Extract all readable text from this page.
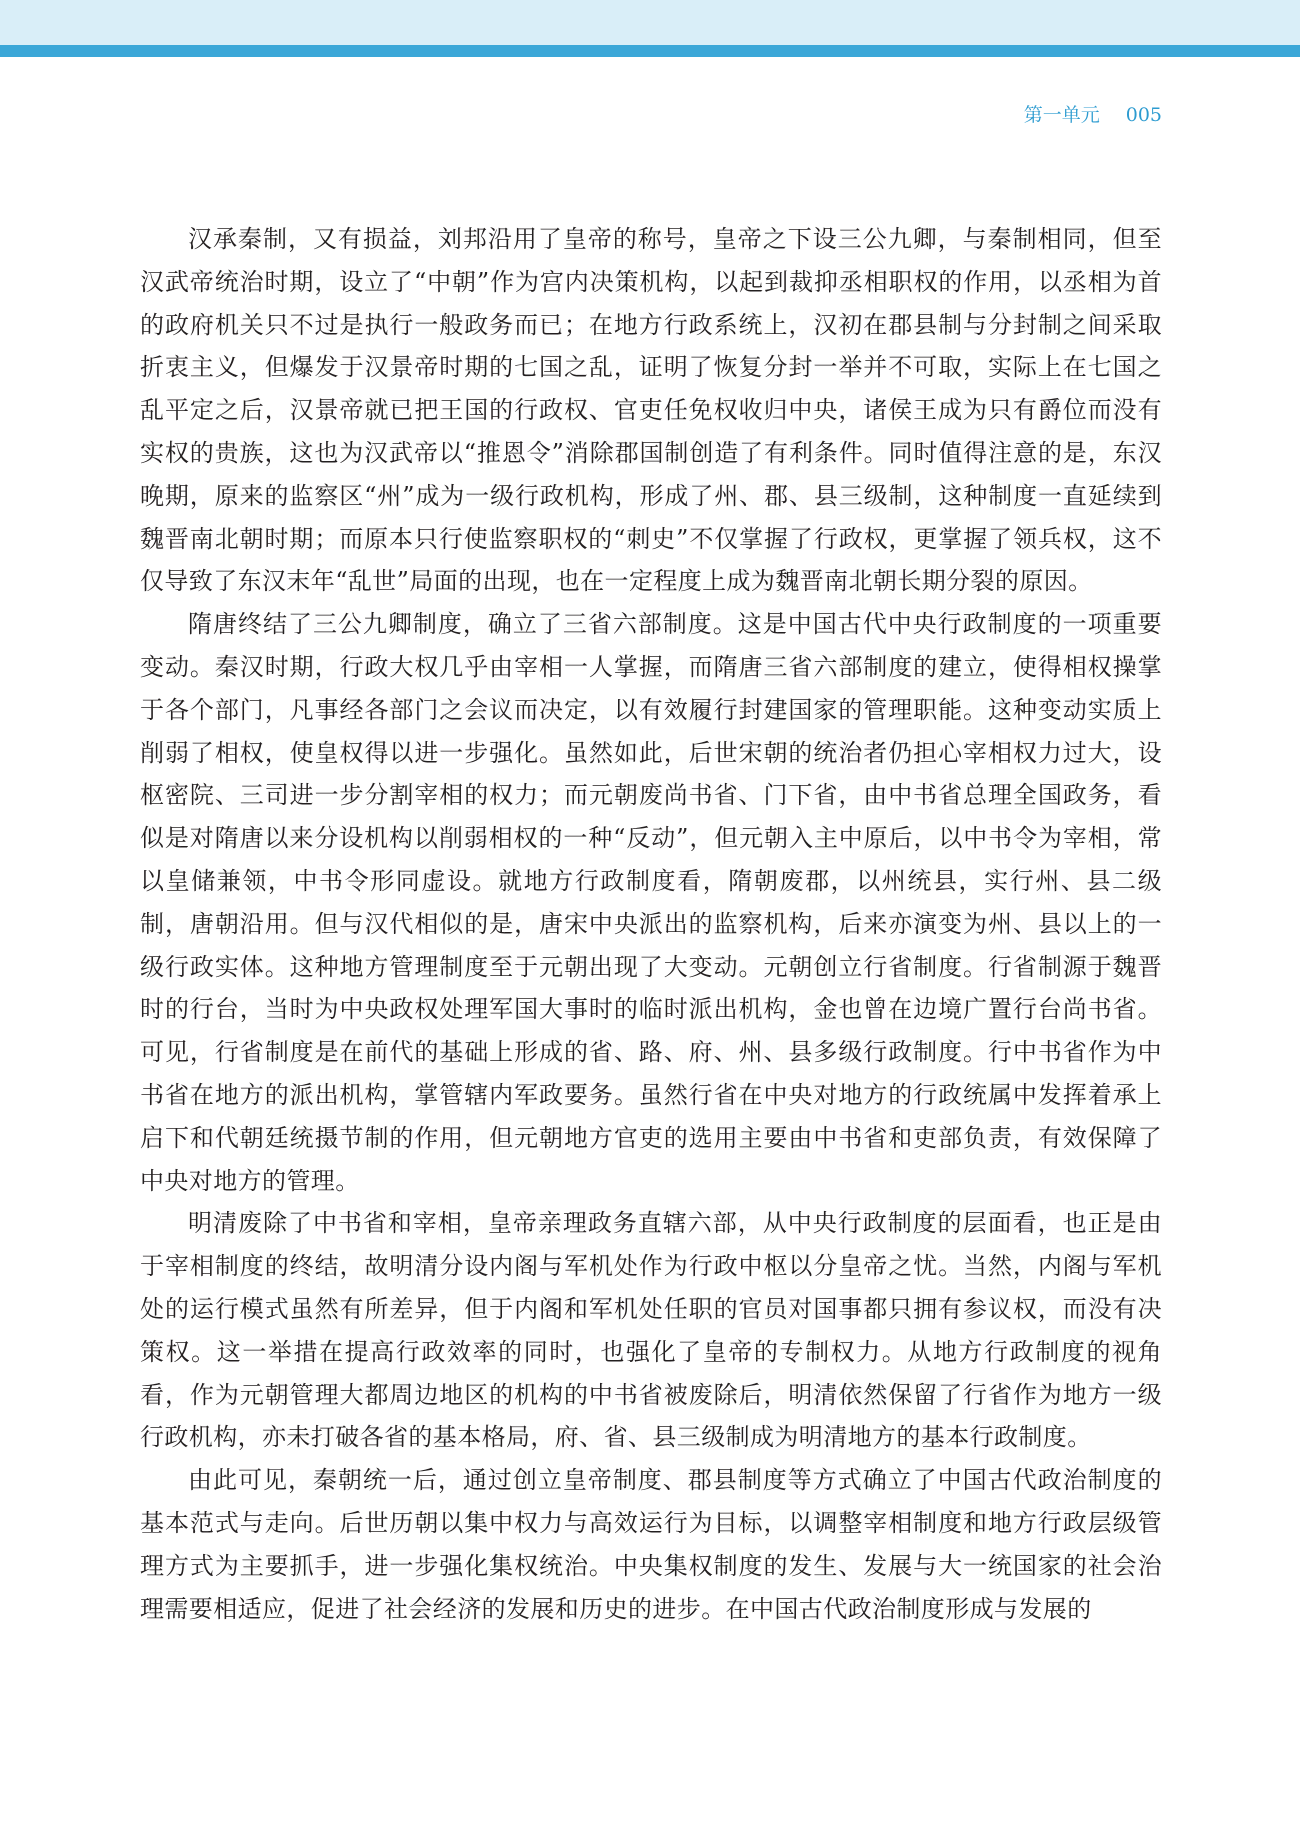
第一单元 005

汉承秦制，又有损益，刘邦沿用了皇帝的称号，皇帝之下设三公九卿，与秦制相同，但至汉武帝统治时期，设立了“中朝”作为宫内决策机构，以起到裁抑丞相职权的作用，以丞相为首的政府机关只不过是执行一般政务而已；在地方行政系统上，汉初在郡县制与分封制之间采取折衷主义，但爆发于汉景帝时期的七国之乱，证明了恢复分封一举并不可取，实际上在七国之乱平定之后，汉景帝就已把王国的行政权、官吏任免权收归中央，诸侯王成为只有爵位而没有实权的贵族，这也为汉武帝以“推恩令”消除郡国制创造了有利条件。同时值得注意的是，东汉晚期，原来的监察区“州”成为一级行政机构，形成了州、郡、县三级制，这种制度一直延续到魏晋南北朝时期；而原本只行使监察职权的“刺史”不仅掌握了行政权，更掌握了领兵权，这不仅导致了东汉末年“乱世”局面的出现，也在一定程度上成为魏晋南北朝长期分裂的原因。

隋唐终结了三公九卿制度，确立了三省六部制度。这是中国古代中央行政制度的一项重要变动。秦汉时期，行政大权几乎由宰相一人掌握，而隋唐三省六部制度的建立，使得相权操掌于各个部门，凡事经各部门之会议而决定，以有效履行封建国家的管理职能。这种变动实质上削弱了相权，使皇权得以进一步强化。虽然如此，后世宋朝的统治者仍担心宰相权力过大，设枢密院、三司进一步分割宰相的权力；而元朝废尚书省、门下省，由中书省总理全国政务，看似是对隋唐以来分设机构以削弱相权的一种“反动”，但元朝入主中原后，以中书令为宰相，常以皇储兼领，中书令形同虚设。就地方行政制度看，隋朝废郡，以州统县，实行州、县二级制，唐朝沿用。但与汉代相似的是，唐宋中央派出的监察机构，后来亦演变为州、县以上的一级行政实体。这种地方管理制度至于元朝出现了大变动。元朝创立行省制度。行省制源于魏晋时的行台，当时为中央政权处理军国大事时的临时派出机构，金也曾在边境广置行台尚书省。可见，行省制度是在前代的基础上形成的省、路、府、州、县多级行政制度。行中书省作为中书省在地方的派出机构，掌管辖内军政要务。虽然行省在中央对地方的行政统属中发挥着承上启下和代朝廷统摄节制的作用，但元朝地方官吏的选用主要由中书省和吏部负责，有效保障了中央对地方的管理。

明清废除了中书省和宰相，皇帝亲理政务直辖六部，从中央行政制度的层面看，也正是由于宰相制度的终结，故明清分设内阁与军机处作为行政中枢以分皇帝之忧。当然，内阁与军机处的运行模式虽然有所差异，但于内阁和军机处任职的官员对国事都只拥有参议权，而没有决策权。这一举措在提高行政效率的同时，也强化了皇帝的专制权力。从地方行政制度的视角看，作为元朝管理大都周边地区的机构的中书省被废除后，明清依然保留了行省作为地方一级行政机构，亦未打破各省的基本格局，府、省、县三级制成为明清地方的基本行政制度。

由此可见，秦朝统一后，通过创立皇帝制度、郡县制度等方式确立了中国古代政治制度的基本范式与走向。后世历朝以集中权力与高效运行为目标，以调整宰相制度和地方行政层级管理方式为主要抓手，进一步强化集权统治。中央集权制度的发生、发展与大一统国家的社会治理需要相适应，促进了社会经济的发展和历史的进步。在中国古代政治制度形成与发展的
